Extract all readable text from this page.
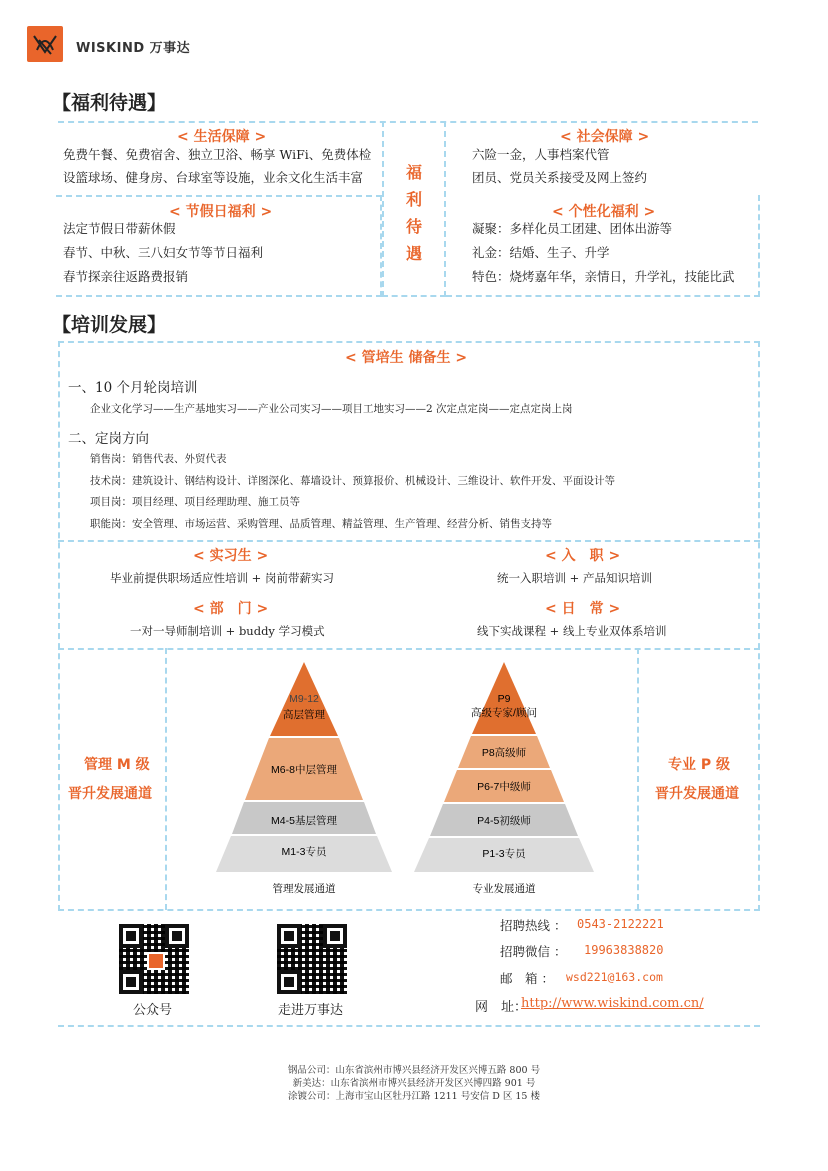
WISKIND 万事达
【福利待遇】
< 生活保障 >
免费午餐、免费宿舍、独立卫浴、畅享 WiFi、免费体检
设篮球场、健身房、台球室等设施，业余文化生活丰富	福
利
待
遇
< 社会保障 >
六险一金，人事档案代管
团员、党员关系接受及网上签约
< 节假日福利 >
法定节假日带薪休假
春节、中秋、三八妇女节等节日福利
春节探亲往返路费报销
< 个性化福利 >
凝聚：多样化员工团建、团体出游等
礼金：结婚、生子、升学
特色：烧烤嘉年华，亲情日，升学礼，技能比武
【培训发展】
< 管培生 储备生 >
一、10 个月轮岗培训
企业文化学习——生产基地实习——产业公司实习——项目工地实习——2 次定点定岗——定点定岗上岗
二、定岗方向
销售岗：销售代表、外贸代表
技术岗：建筑设计、钢结构设计、详图深化、幕墙设计、预算报价、机械设计、三维设计、软件开发、平面设计等
项目岗：项目经理、项目经理助理、施工员等
职能岗：安全管理、市场运营、采购管理、品质管理、精益管理、生产管理、经营分析、销售支持等
< 实习生 >
毕业前提供职场适应性培训 + 岗前带薪实习
< 入　职 >
统一入职培训 + 产品知识培训
< 部　门 >
一对一导师制培训 + buddy 学习模式
< 日　常 >
线下实战课程 + 线上专业双体系培训
管理 M 级
晋升发展通道
专业 P 级
晋升发展通道
M9-12
高层管理
M6-8中层管理
M4-5基层管理
M1-3专员
管理发展通道
P9
高级专家/顾问
P8高级师
P6-7中级师
P4-5初级师
P1-3专员
专业发展通道
公众号	走进万事达
招聘热线 ： 0543-2122221
招聘微信 ： 19963838820
邮　箱 ： wsd221@163.com
网　址：
http://www.wiskind.com.cn/
钢品公司：山东省滨州市博兴县经济开发区兴博五路 800 号
新美达：山东省滨州市博兴县经济开发区兴博四路 901 号
涂镀公司：上海市宝山区牡丹江路 1211 号安信 D 区 15 楼
